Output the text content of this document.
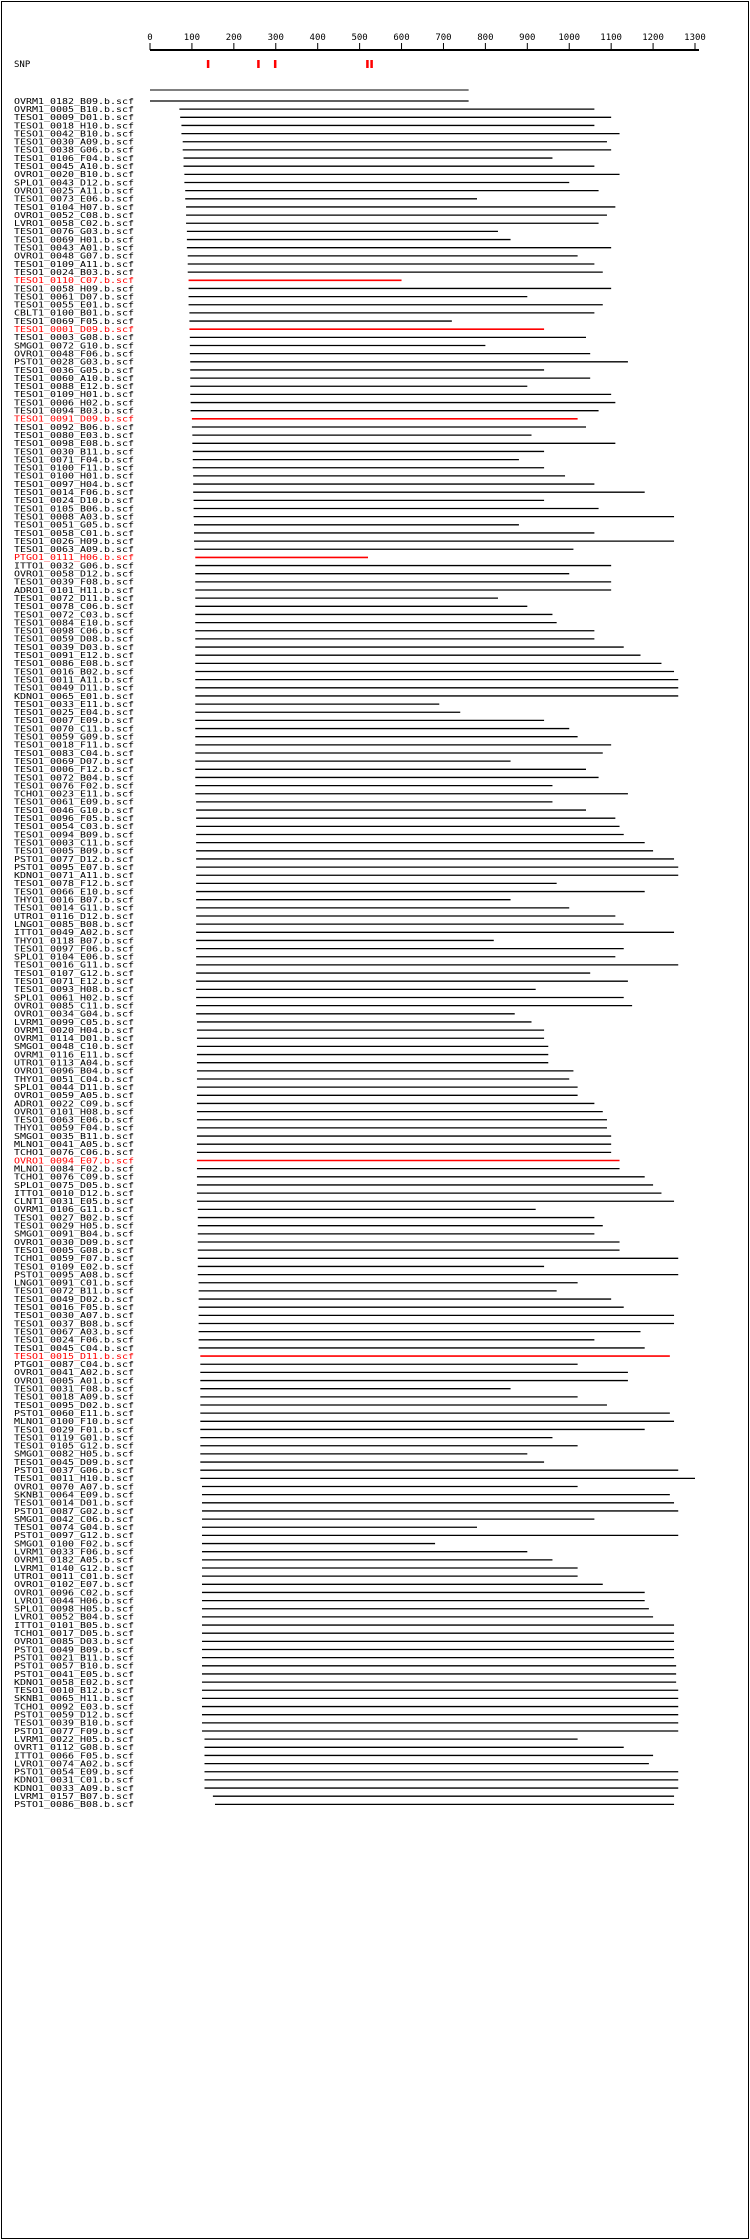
0	100	200	300	400	500	600	700	800	900	1000 1100 1200 1300
SNP
OVRM1_0182_B09.b.scf
OVRM1_0005_B10.b.scf
TESO1_0009_D01.b.scf
TESO1_0018_H10.b.scf
TESO1_0042_B10.b.scf
TESO1_0030_A09.b.scf
TESO1_0038_G06.b.scf
TESO1_0106_F04.b.scf
TESO1_0045_A10.b.scf
OVRO1_0020_B10.b.scf
SPLO1_0043_D12.b.scf
OVRO1_0025_A11.b.scf
TESO1_0073_E06.b.scf
TESO1_0104_H07.b.scf
OVRO1_0052_C08.b.scf
LVRO1_0058_C02.b.scf
TESO1_0076_G03.b.scf
TESO1_0069_H01.b.scf
TESO1_0043_A01.b.scf
OVRO1_0048_G07.b.scf
TESO1_0109_A11.b.scf
TESO1_0024_B03.b.scf
TESO1_0110_C07.b.scf
TESO1_0058_H09.b.scf
TESO1_0061_D07.b.scf
TESO1_0055_E01.b.scf
CBLT1_0100_B01.b.scf
TESO1_0069_F05.b.scf
TESO1_0001_D09.b.scf
TESO1_0003_G08.b.scf
SMGO1_0072_G10.b.scf
OVRO1_0048_F06.b.scf
PSTO1_0028_G03.b.scf
TESO1_0036_G05.b.scf
TESO1_0060_A10.b.scf
TESO1_0088_E12.b.scf
TESO1_0109_H01.b.scf
TESO1_0006_H02.b.scf
TESO1_0094_B03.b.scf
TESO1_0091_D09.b.scf
TESO1_0092_B06.b.scf
TESO1_0080_E03.b.scf
TESO1_0098_E08.b.scf
TESO1_0030_B11.b.scf
TESO1_0071_F04.b.scf
TESO1_0100_F11.b.scf
TESO1_0100_H01.b.scf
TESO1_0097_H04.b.scf
TESO1_0014_F06.b.scf
TESO1_0024_D10.b.scf
TESO1_0105_B06.b.scf
TESO1_0008_A03.b.scf
TESO1_0051_G05.b.scf
TESO1_0058_C01.b.scf
TESO1_0026_H09.b.scf
TESO1_0063_A09.b.scf
PTGO1_0111_H06.b.scf
ITTO1_0032_G06.b.scf
OVRO1_0058_D12.b.scf
TESO1_0039_F08.b.scf
ADRO1_0101_H11.b.scf
TESO1_0072_D11.b.scf
TESO1_0078_C06.b.scf
TESO1_0072_C03.b.scf
TESO1_0084_E10.b.scf
TESO1_0098_C06.b.scf
TESO1_0059_D08.b.scf
TESO1_0039_D03.b.scf
TESO1_0091_E12.b.scf
TESO1_0086_E08.b.scf
TESO1_0016_B02.b.scf
TESO1_0011_A11.b.scf
TESO1_0049_D11.b.scf
KDNO1_0065_E01.b.scf
TESO1_0033_E11.b.scf
TESO1_0025_E04.b.scf
TESO1_0007_E09.b.scf
TESO1_0070_C11.b.scf
TESO1_0059_G09.b.scf
TESO1_0018_F11.b.scf
TESO1_0083_C04.b.scf
TESO1_0069_D07.b.scf
TESO1_0006_F12.b.scf
TESO1_0072_B04.b.scf
TESO1_0076_F02.b.scf
TCHO1_0023_E11.b.scf
TESO1_0061_E09.b.scf
TESO1_0046_G10.b.scf
TESO1_0096_F05.b.scf
TESO1_0054_C03.b.scf
TESO1_0094_B09.b.scf
TESO1_0003_C11.b.scf
TESO1_0005_B09.b.scf
PSTO1_0077_D12.b.scf
PSTO1_0095_E07.b.scf
KDNO1_0071_A11.b.scf
TESO1_0078_F12.b.scf
TESO1_0066_E10.b.scf
THYO1_0016_B07.b.scf
TESO1_0014_G11.b.scf
UTRO1_0116_D12.b.scf
LNGO1_0085_B08.b.scf
ITTO1_0049_A02.b.scf
THYO1_0118_B07.b.scf
TESO1_0097_F06.b.scf
SPLO1_0104_E06.b.scf
TESO1_0016_G11.b.scf
TESO1_0107_G12.b.scf
TESO1_0071_E12.b.scf
TESO1_0093_H08.b.scf
SPLO1_0061_H02.b.scf
OVRO1_0085_C11.b.scf
OVRO1_0034_G04.b.scf
LVRM1_0099_C05.b.scf
OVRM1_0020_H04.b.scf
OVRM1_0114_D01.b.scf
SMGO1_0048_C10.b.scf
OVRM1_0116_E11.b.scf
UTRO1_0113_A04.b.scf
OVRO1_0096_B04.b.scf
THYO1_0051_C04.b.scf
SPLO1_0044_D11.b.scf
OVRO1_0059_A05.b.scf
ADRO1_0022_C09.b.scf
OVRO1_0101_H08.b.scf
TESO1_0063_E06.b.scf
THYO1_0059_F04.b.scf
SMGO1_0035_B11.b.scf
MLNO1_0041_A05.b.scf
TCHO1_0076_C06.b.scf
OVRO1_0094_E07.b.scf
MLNO1_0084_F02.b.scf
TCHO1_0076_C09.b.scf
SPLO1_0075_D05.b.scf
ITTO1_0010_D12.b.scf
CLNT1_0031_E05.b.scf
OVRM1_0106_G11.b.scf
TESO1_0027_B02.b.scf
TESO1_0029_H05.b.scf
SMGO1_0091_B04.b.scf
OVRO1_0030_D09.b.scf
TESO1_0005_G08.b.scf
TCHO1_0059_F07.b.scf
TESO1_0109_E02.b.scf
PSTO1_0095_A08.b.scf
LNGO1_0091_C01.b.scf
TESO1_0072_B11.b.scf
TESO1_0049_D02.b.scf
TESO1_0016_F05.b.scf
TESO1_0030_A07.b.scf
TESO1_0037_B08.b.scf
TESO1_0067_A03.b.scf
TESO1_0024_F06.b.scf
TESO1_0045_C04.b.scf
TESO1_0015_D11.b.scf
PTGO1_0087_C04.b.scf
OVRO1_0041_A02.b.scf
OVRO1_0005_A01.b.scf
TESO1_0031_F08.b.scf
TESO1_0018_A09.b.scf
TESO1_0095_D02.b.scf
PSTO1_0060_E11.b.scf
MLNO1_0100_F10.b.scf
TESO1_0029_F01.b.scf
TESO1_0119_G01.b.scf
TESO1_0105_G12.b.scf
SMGO1_0082_H05.b.scf
TESO1_0045_D09.b.scf
PSTO1_0037_G06.b.scf
TESO1_0011_H10.b.scf
OVRO1_0070_A07.b.scf
SKNB1_0064_E09.b.scf
TESO1_0014_D01.b.scf
PSTO1_0087_G02.b.scf
SMGO1_0042_C06.b.scf
TESO1_0074_G04.b.scf
PSTO1_0097_G12.b.scf
SMGO1_0100_F02.b.scf
LVRM1_0033_F06.b.scf
OVRM1_0182_A05.b.scf
LVRM1_0140_G12.b.scf
UTRO1_0011_C01.b.scf
OVRO1_0102_E07.b.scf
OVRO1_0096_C02.b.scf
LVRO1_0044_H06.b.scf
SPLO1_0098_H05.b.scf
LVRO1_0052_B04.b.scf
ITTO1_0101_B05.b.scf
TCHO1_0017_D05.b.scf
OVRO1_0085_D03.b.scf
PSTO1_0049_B09.b.scf
PSTO1_0021_B11.b.scf
PSTO1_0057_B10.b.scf
PSTO1_0041_E05.b.scf
KDNO1_0058_E02.b.scf
TESO1_0010_B12.b.scf
SKNB1_0065_H11.b.scf
TCHO1_0092_E03.b.scf
PSTO1_0059_D12.b.scf
TESO1_0039_B10.b.scf
PSTO1_0077_F09.b.scf
LVRM1_0022_H05.b.scf
OVRT1_0112_G08.b.scf
ITTO1_0066_F05.b.scf
LVRO1_0074_A02.b.scf
PSTO1_0054_E09.b.scf
KDNO1_0031_C01.b.scf
KDNO1_0033_A09.b.scf
LVRM1_0157_B07.b.scf
PSTO1_0086_B08.b.scf
